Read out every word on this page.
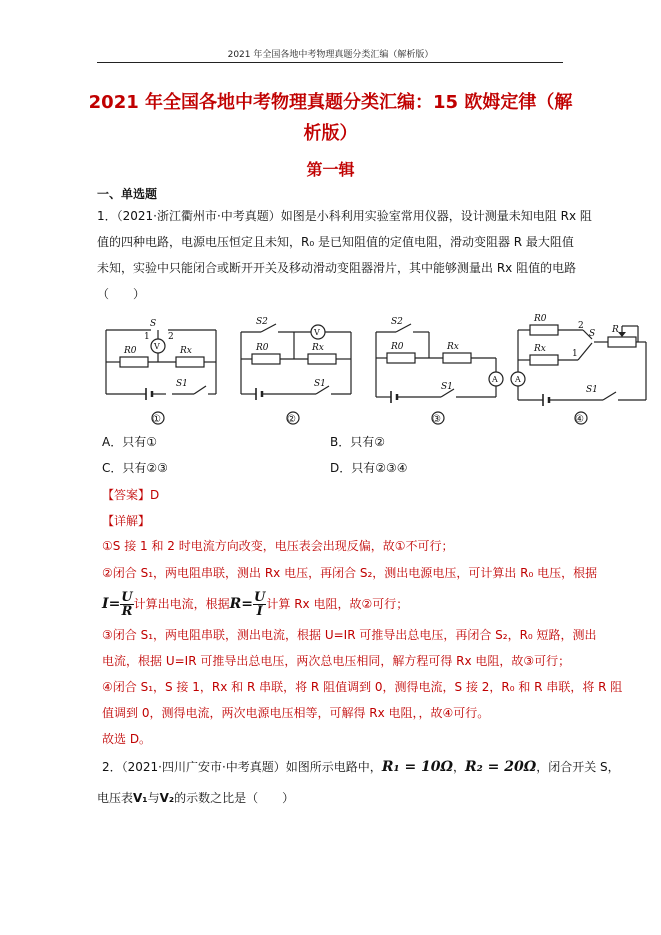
2021 年全国各地中考物理真题分类汇编（解析版）
2021 年全国各地中考物理真题分类汇编：15 欧姆定律（解析版）
第一辑
一、单选题
1．（2021·浙江衢州市·中考真题）如图是小科利用实验室常用仪器，设计测量未知电阻 Rx 阻
值的四种电路，电源电压恒定且未知，R₀ 是已知阻值的定值电阻，滑动变阻器 R 最大阻值
未知，实验中只能闭合或断开开关及移动滑动变阻器滑片，其中能够测量出 Rx 阻值的电路
（　　）
S
1 2
V
R0	Rx
S1
S2
V
R0	Rx
S1
S2
R0	Rx
A
S1
R0
2
S R
Rx	1
A
S1
①	②	③	④
A．只有①	B．只有②
C．只有②③	D．只有②③④
【答案】D
【详解】
①S 接 1 和 2 时电流方向改变，电压表会出现反偏，故①不可行；
②闭合 S₁，两电阻串联，测出 Rx 电压，再闭合 S₂，测出电源电压，可计算出 R₀ 电压，根据
$I= \frac{U}{R}$ 计算出电流，根据$R= \frac{U}{I}$ 计算 Rx 电阻，故②可行；
③闭合 S₁，两电阻串联，测出电流，根据 U=IR 可推导出总电压，再闭合 S₂，R₀ 短路，测出
电流，根据 U=IR 可推导出总电压，两次总电压相同，解方程可得 Rx 电阻，故③可行；
④闭合 S₁，S 接 1，Rx 和 R 串联，将 R 阻值调到 0，测得电流，S 接 2，R₀ 和 R 串联，将 R 阻
值调到 0，测得电流，两次电源电压相等，可解得 Rx 电阻，，故④可行。
故选 D。
2．（2021·四川广安市·中考真题）如图所示电路中，R₁ = 10Ω，R₂ = 20Ω，闭合开关 S，
电压表V₁与V₂的示数之比是（　　）
